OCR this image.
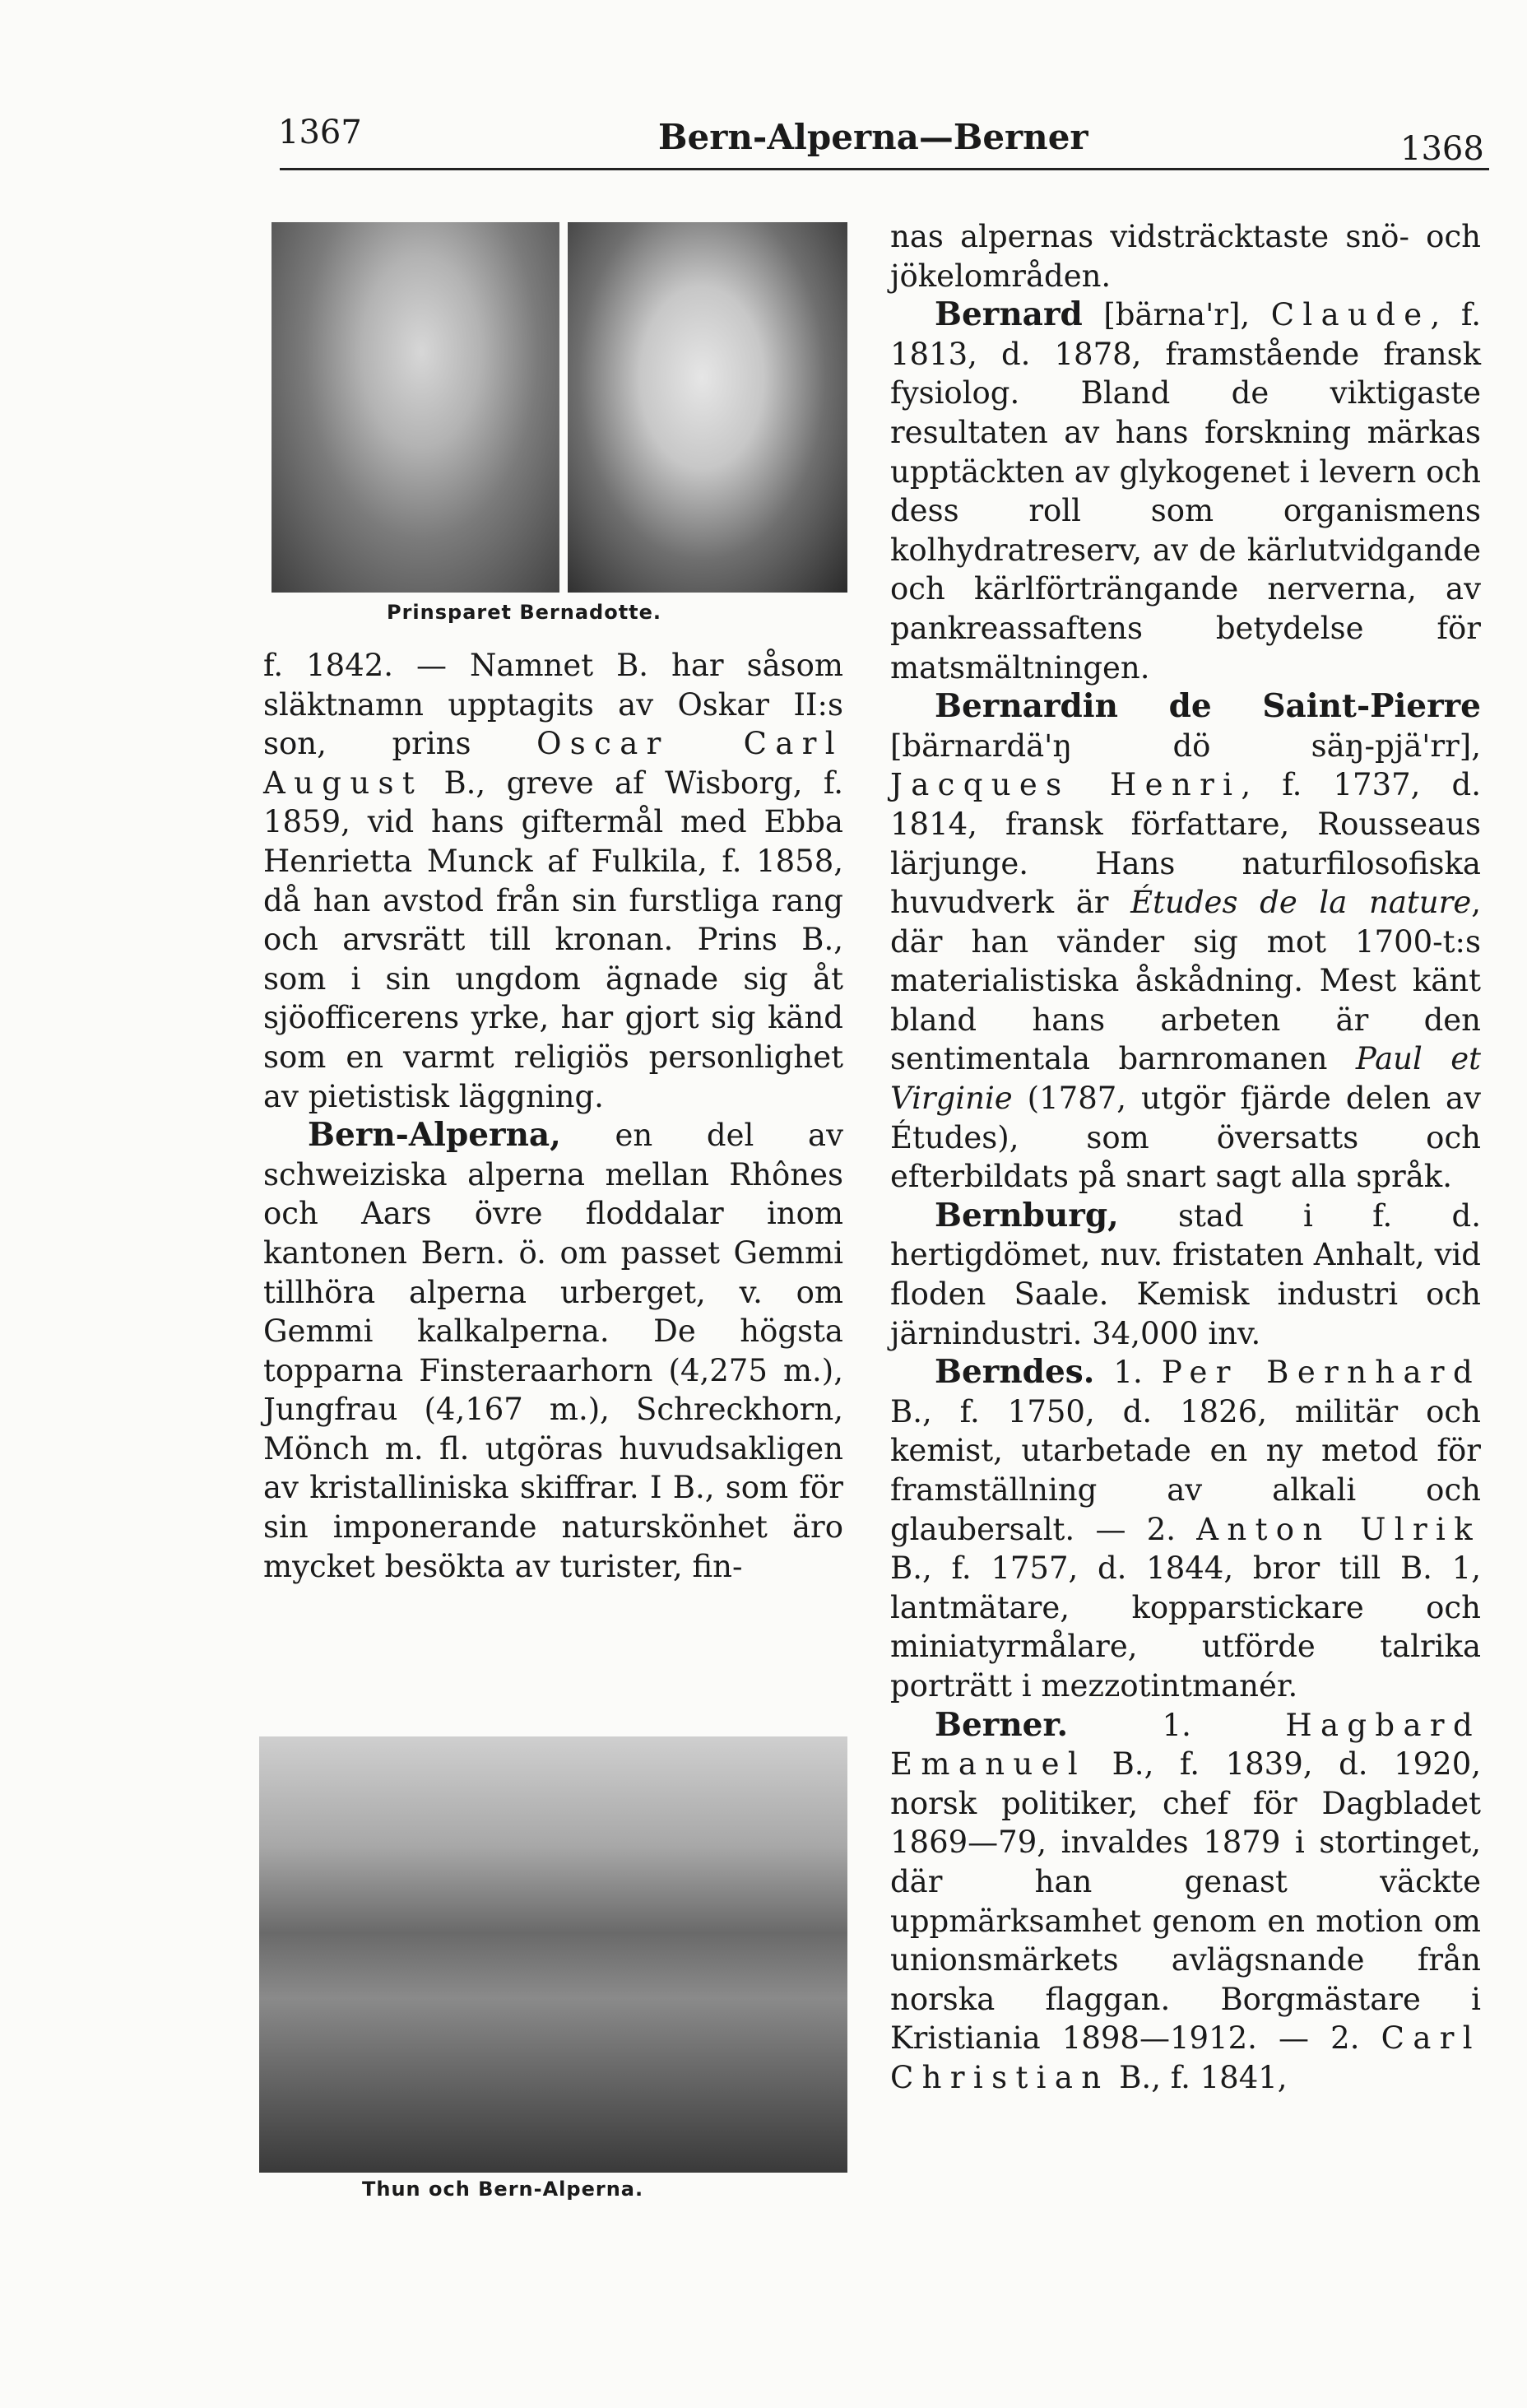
1367	Bern-Alperna—Berner	1368
Prinsparet Bernadotte.

f. 1842. — Namnet B. har såsom släktnamn upptagits av Oskar II:s son, prins Oscar Carl August B., greve af Wisborg, f. 1859, vid hans giftermål med Ebba Henrietta Munck af Fulkila, f. 1858, då han avstod från sin furstliga rang och arvsrätt till kronan. Prins B., som i sin ungdom ägnade sig åt sjöofficerens yrke, har gjort sig känd som en varmt religiös personlighet av pietistisk läggning.

Bern-Alperna, en del av schweiziska alperna mellan Rhônes och Aars övre floddalar inom kantonen Bern. ö. om passet Gemmi tillhöra alperna urberget, v. om Gemmi kalkalperna. De högsta topparna Finsteraarhorn (4,275 m.), Jungfrau (4,167 m.), Schreckhorn, Mönch m. fl. utgöras huvudsakligen av kristalliniska skiffrar. I B., som för sin imponerande naturskönhet äro mycket besökta av turister, fin-

Thun och Bern-Alperna.

nas alpernas vidsträcktaste snö- och jökelområden.

Bernard [bärna'r], Claude, f. 1813, d. 1878, framstående fransk fysiolog. Bland de viktigaste resultaten av hans forskning märkas upptäckten av glykogenet i levern och dess roll som organismens kolhydratreserv, av de kärlutvidgande och kärlförträngande nerverna, av pankreassaftens betydelse för matsmältningen.

Bernardin de Saint-Pierre [bärnardä'ŋ dö säŋ-pjä'rr], Jacques Henri, f. 1737, d. 1814, fransk författare, Rousseaus lärjunge. Hans naturfilosofiska huvudverk är Études de la nature, där han vänder sig mot 1700-t:s materialistiska åskådning. Mest känt bland hans arbeten är den sentimentala barnromanen Paul et Virginie (1787, utgör fjärde delen av Études), som översatts och efterbildats på snart sagt alla språk.

Bernburg, stad i f. d. hertigdömet, nuv. fristaten Anhalt, vid floden Saale. Kemisk industri och järnindustri. 34,000 inv.

Berndes. 1. Per Bernhard B., f. 1750, d. 1826, militär och kemist, utarbetade en ny metod för framställning av alkali och glaubersalt. — 2. Anton Ulrik B., f. 1757, d. 1844, bror till B. 1, lantmätare, kopparstickare och miniatyrmålare, utförde talrika porträtt i mezzotintmanér.

Berner. 1. Hagbard Emanuel B., f. 1839, d. 1920, norsk politiker, chef för Dagbladet 1869—79, invaldes 1879 i stortinget, där han genast väckte uppmärksamhet genom en motion om unionsmärkets avlägsnande från norska flaggan. Borgmästare i Kristiania 1898—1912. — 2. Carl Christian B., f. 1841,
